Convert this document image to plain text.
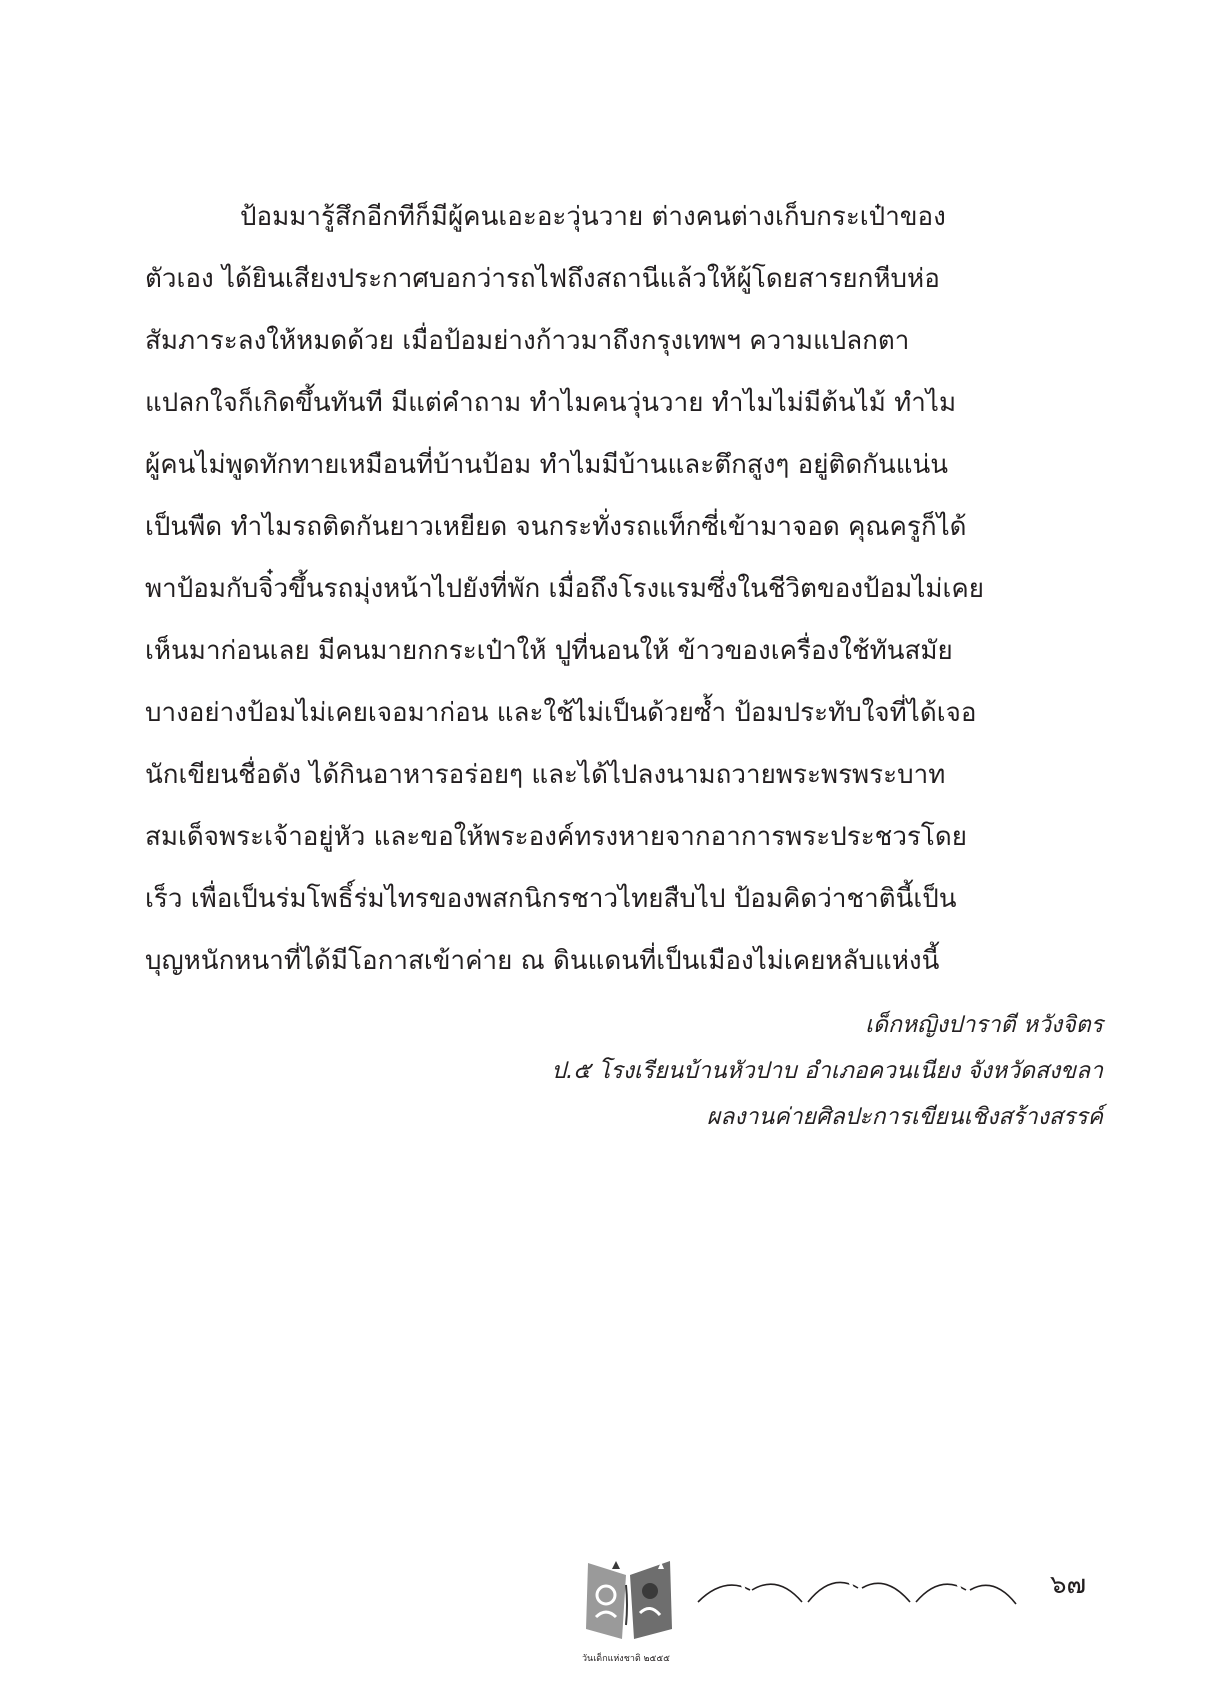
ป้อมมารู้สึกอีกทีก็มีผู้คนเอะอะวุ่นวาย ต่างคนต่างเก็บกระเป๋าของ
ตัวเอง ได้ยินเสียงประกาศบอกว่ารถไฟถึงสถานีแล้วให้ผู้โดยสารยกหีบห่อ
สัมภาระลงให้หมดด้วย เมื่อป้อมย่างก้าวมาถึงกรุงเทพฯ ความแปลกตา
แปลกใจก็เกิดขึ้นทันที มีแต่คำถาม ทำไมคนวุ่นวาย ทำไมไม่มีต้นไม้ ทำไม
ผู้คนไม่พูดทักทายเหมือนที่บ้านป้อม ทำไมมีบ้านและตึกสูงๆ อยู่ติดกันแน่น
เป็นพืด ทำไมรถติดกันยาวเหยียด จนกระทั่งรถแท็กซี่เข้ามาจอด คุณครูก็ได้
พาป้อมกับจิ๋วขึ้นรถมุ่งหน้าไปยังที่พัก เมื่อถึงโรงแรมซึ่งในชีวิตของป้อมไม่เคย
เห็นมาก่อนเลย มีคนมายกกระเป๋าให้ ปูที่นอนให้ ข้าวของเครื่องใช้ทันสมัย
บางอย่างป้อมไม่เคยเจอมาก่อน และใช้ไม่เป็นด้วยซ้ำ ป้อมประทับใจที่ได้เจอ
นักเขียนชื่อดัง ได้กินอาหารอร่อยๆ และได้ไปลงนามถวายพระพรพระบาท
สมเด็จพระเจ้าอยู่หัว และขอให้พระองค์ทรงหายจากอาการพระประชวรโดย
เร็ว เพื่อเป็นร่มโพธิ์ร่มไทรของพสกนิกรชาวไทยสืบไป ป้อมคิดว่าชาตินี้เป็น
บุญหนักหนาที่ได้มีโอกาสเข้าค่าย ณ ดินแดนที่เป็นเมืองไม่เคยหลับแห่งนี้
เด็กหญิงปาราตี หวังจิตร
ป.๕ โรงเรียนบ้านหัวปาบ อำเภอควนเนียง จังหวัดสงขลา
ผลงานค่ายศิลปะการเขียนเชิงสร้างสรรค์
วันเด็กแห่งชาติ ๒๕๕๕
๖๗
